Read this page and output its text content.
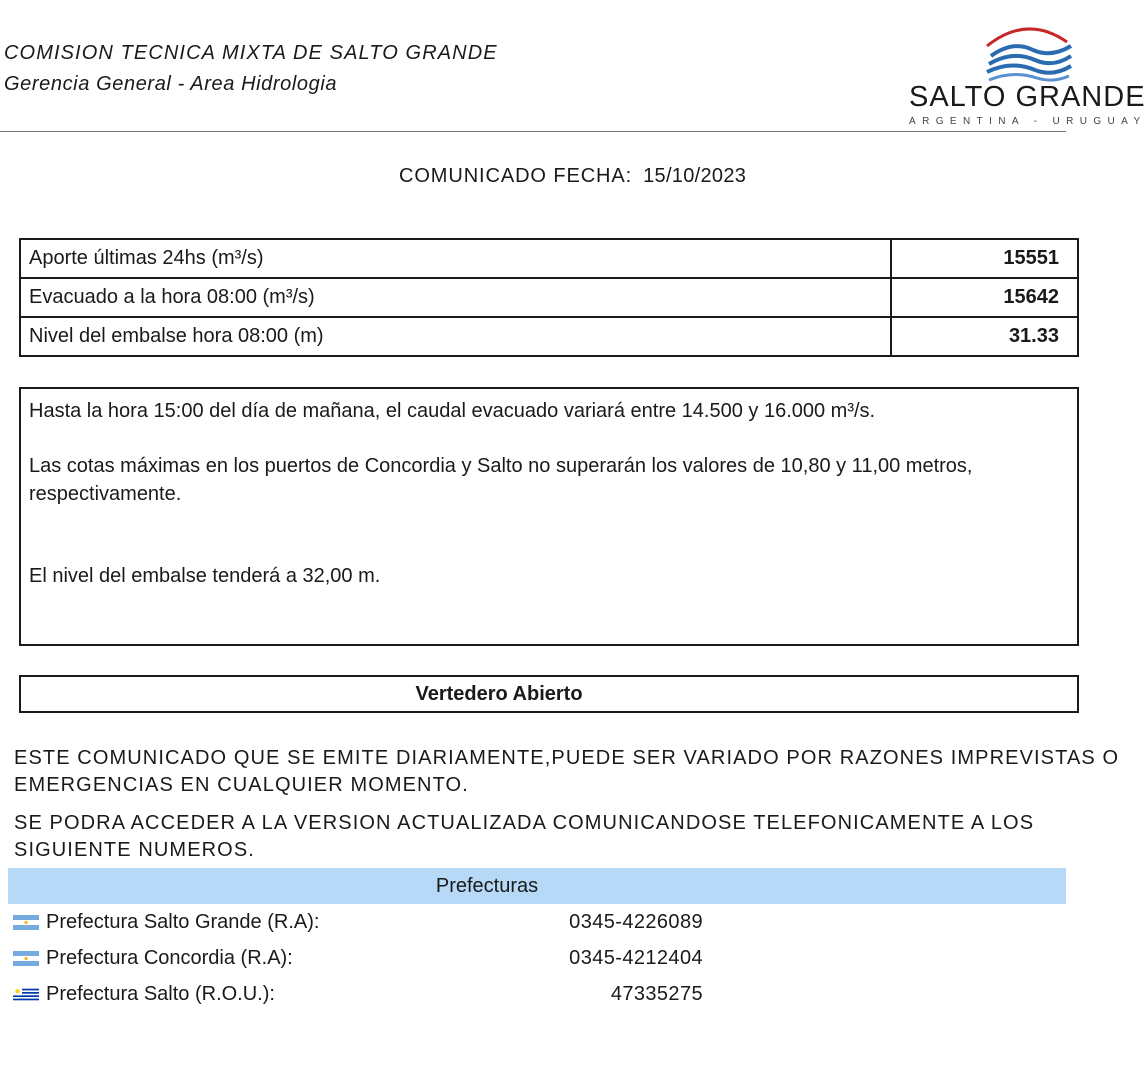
COMISION TECNICA MIXTA DE SALTO GRANDE
Gerencia General - Area Hidrologia	SALTO GRANDE
ARGENTINA - URUGUAY
COMUNICADO FECHA: 15/10/2023
Aporte últimas 24hs (m³/s)	15551
Evacuado a la hora 08:00 (m³/s)	15642
Nivel del embalse hora 08:00 (m)	31.33
Hasta la hora 15:00 del día de mañana, el caudal evacuado variará entre 14.500 y 16.000 m³/s.
Las cotas máximas en los puertos de Concordia y Salto no superarán los valores de 10,80 y 11,00 metros, respectivamente.
El nivel del embalse tenderá a 32,00 m.
Vertedero Abierto
ESTE COMUNICADO QUE SE EMITE DIARIAMENTE,PUEDE SER VARIADO POR RAZONES IMPREVISTAS O
EMERGENCIAS EN CUALQUIER MOMENTO.
SE PODRA ACCEDER A LA VERSION ACTUALIZADA COMUNICANDOSE TELEFONICAMENTE A LOS
SIGUIENTE NUMEROS.
Prefecturas
Prefectura Salto Grande (R.A):	0345-4226089
Prefectura Concordia (R.A):	0345-4212404
Prefectura Salto (R.O.U.):	47335275
